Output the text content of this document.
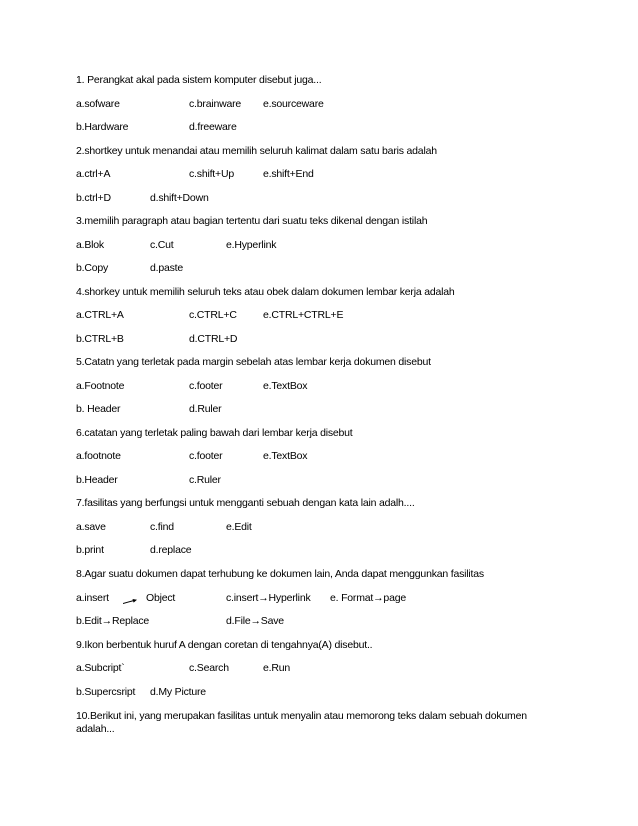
1. Perangkat akal pada sistem komputer disebut juga...
a.sofware	c.brainware e.sourceware
b.Hardware	d.freeware
2.shortkey untuk menandai atau memilih seluruh kalimat dalam satu baris adalah
a.ctrl+A	c.shift+Up	e.shift+End
b.ctrl+D	d.shift+Down
3.memilih paragraph atau bagian tertentu dari suatu teks dikenal dengan istilah
a.Blok	c.Cut	e.Hyperlink
b.Copy	d.paste
4.shorkey untuk memilih seluruh teks atau obek dalam dokumen lembar kerja adalah
a.CTRL+A	c.CTRL+C	e.CTRL+CTRL+E
b.CTRL+B	d.CTRL+D
5.Catatn yang terletak pada margin sebelah atas lembar kerja dokumen disebut
a.Footnote	c.footer	e.TextBox
b. Header	d.Ruler
6.catatan yang terletak paling bawah dari lembar kerja disebut
a.footnote	c.footer	e.TextBox
b.Header	c.Ruler
7.fasilitas yang berfungsi untuk mengganti sebuah dengan kata lain adalh....
a.save	c.find	e.Edit
b.print	d.replace
8.Agar suatu dokumen dapat terhubung ke dokumen lain, Anda dapat menggunkan fasilitas
a.insert	Object	c.insert→Hyperlink e. Format→page
b.Edit→Replace	d.File→Save
9.Ikon berbentuk huruf A dengan coretan di tengahnya(A) disebut..
a.Subcript`	c.Search	e.Run
b.Supercsript d.My Picture
10.Berikut ini, yang merupakan fasilitas untuk menyalin atau memorong teks dalam sebuah dokumen adalah...
